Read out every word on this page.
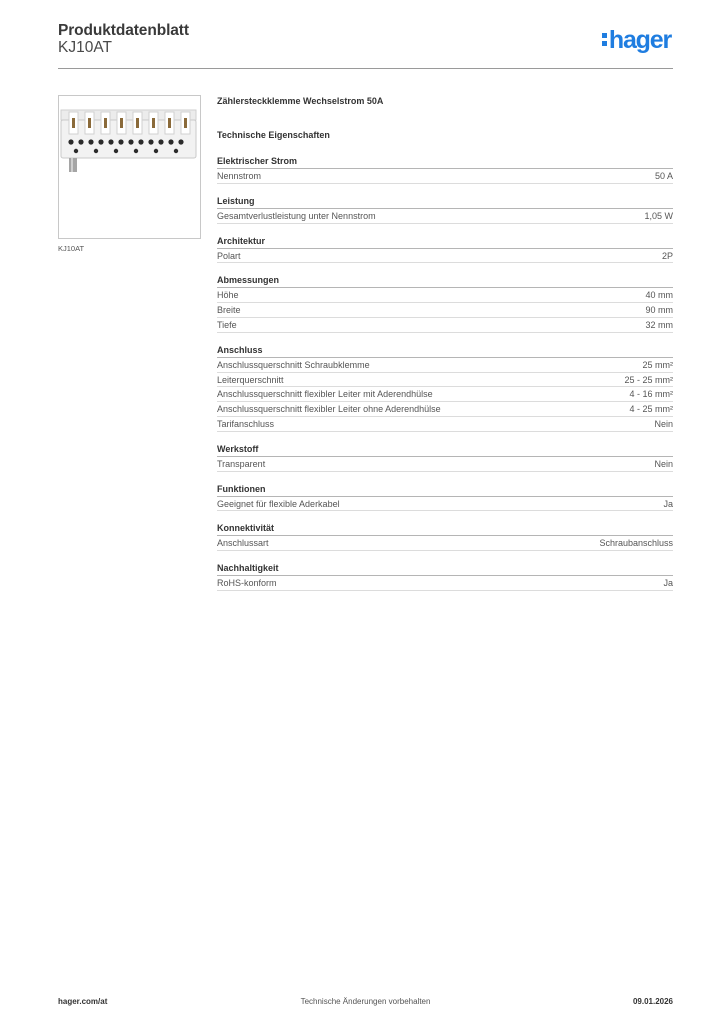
Produktdatenblatt
KJ10AT	hager
KJ10AT
Zählersteckklemme Wechselstrom 50A
Technische Eigenschaften
Elektrischer Strom
Nennstrom	50 A
Leistung
Gesamtverlustleistung unter Nennstrom	1,05 W
Architektur
Polart	2P
Abmessungen
Höhe	40 mm
Breite	90 mm
Tiefe	32 mm
Anschluss
Anschlussquerschnitt Schraubklemme	25 mm²
Leiterquerschnitt	25 - 25 mm²
Anschlussquerschnitt flexibler Leiter mit Aderendhülse	4 - 16 mm²
Anschlussquerschnitt flexibler Leiter ohne Aderendhülse	4 - 25 mm²
Tarifanschluss	Nein
Werkstoff
Transparent	Nein
Funktionen
Geeignet für flexible Aderkabel	Ja
Konnektivität
Anschlussart	Schraubanschluss
Nachhaltigkeit
RoHS-konform	Ja
hager.com/at	Technische Änderungen vorbehalten	09.01.2026
